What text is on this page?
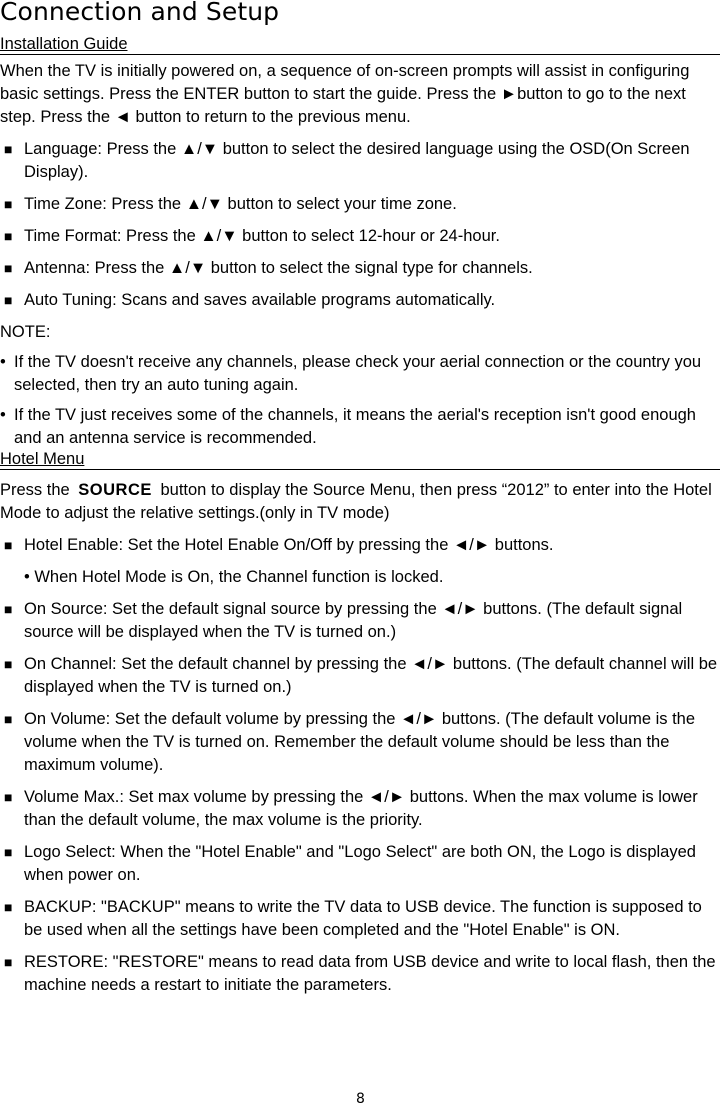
Connection and Setup
Installation Guide

When the TV is initially powered on, a sequence of on-screen prompts will assist in configuring basic settings. Press the ENTER button to start the guide. Press the ►button to go to the next step. Press the ◄ button to return to the previous menu.

■ Language: Press the ▲/▼ button to select the desired language using the OSD(On Screen Display).

■ Time Zone: Press the ▲/▼ button to select your time zone.

■ Time Format: Press the ▲/▼ button to select 12-hour or 24-hour.

■ Antenna: Press the ▲/▼ button to select the signal type for channels.

■ Auto Tuning: Scans and saves available programs automatically.

NOTE:

• If the TV doesn't receive any channels, please check your aerial connection or the country you selected, then try an auto tuning again.

• If the TV just receives some of the channels, it means the aerial's reception isn't good enough and an antenna service is recommended.

Hotel Menu

Press the SOURCE button to display the Source Menu, then press “2012” to enter into the Hotel Mode to adjust the relative settings.(only in TV mode)

■ Hotel Enable: Set the Hotel Enable On/Off by pressing the ◄/► buttons.

• When Hotel Mode is On, the Channel function is locked.

■ On Source: Set the default signal source by pressing the ◄/► buttons. (The default signal source will be displayed when the TV is turned on.)

■ On Channel: Set the default channel by pressing the ◄/► buttons. (The default channel will be displayed when the TV is turned on.)

■ On Volume: Set the default volume by pressing the ◄/► buttons. (The default volume is the volume when the TV is turned on. Remember the default volume should be less than the maximum volume).

■ Volume Max.: Set max volume by pressing the ◄/► buttons. When the max volume is lower than the default volume, the max volume is the priority.

■ Logo Select: When the "Hotel Enable" and "Logo Select" are both ON, the Logo is displayed when power on.

■ BACKUP: "BACKUP" means to write the TV data to USB device. The function is supposed to be used when all the settings have been completed and the "Hotel Enable" is ON.

■ RESTORE: "RESTORE" means to read data from USB device and write to local flash, then the machine needs a restart to initiate the parameters.

8
